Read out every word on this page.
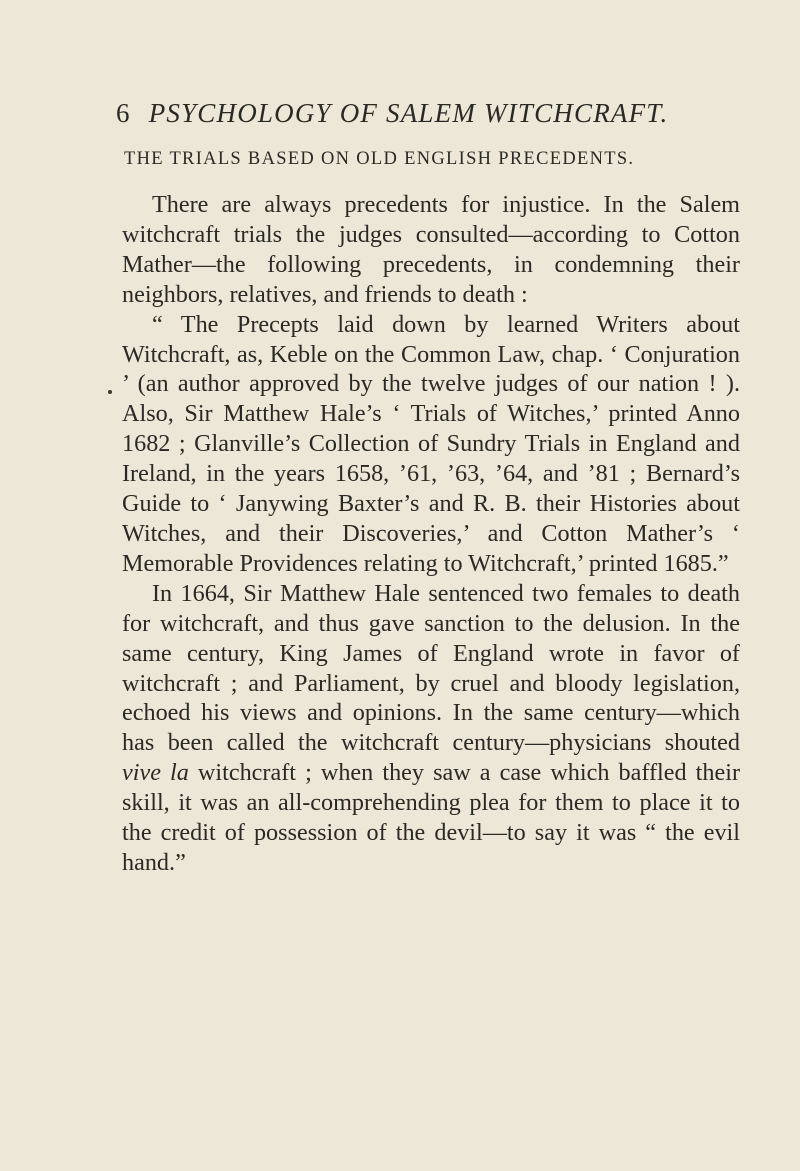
6 PSYCHOLOGY OF SALEM WITCHCRAFT.
THE TRIALS BASED ON OLD ENGLISH PRECEDENTS.

There are always precedents for injustice. In the Salem witchcraft trials the judges consulted—according to Cotton Mather—the following precedents, in condemning their neighbors, relatives, and friends to death :

“ The Precepts laid down by learned Writers about Witchcraft, as, Keble on the Common Law, chap. ‘ Conjuration ’ (an author approved by the twelve judges of our nation ! ). Also, Sir Matthew Hale’s ‘ Trials of Witches,’ printed Anno 1682 ; Glanville’s Collection of Sundry Trials in England and Ireland, in the years 1658, ’61, ’63, ’64, and ’81 ; Bernard’s Guide to ‘ Janywing Baxter’s and R. B. their Histories about Witches, and their Discoveries,’ and Cotton Mather’s ‘ Memorable Providences relating to Witchcraft,’ printed 1685.”

In 1664, Sir Matthew Hale sentenced two females to death for witchcraft, and thus gave sanction to the delusion. In the same century, King James of England wrote in favor of witchcraft ; and Parliament, by cruel and bloody legislation, echoed his views and opinions. In the same century—which has been called the witchcraft century—physicians shouted vive la witchcraft ; when they saw a case which baffled their skill, it was an all-comprehending plea for them to place it to the credit of possession of the devil—to say it was “ the evil hand.”
